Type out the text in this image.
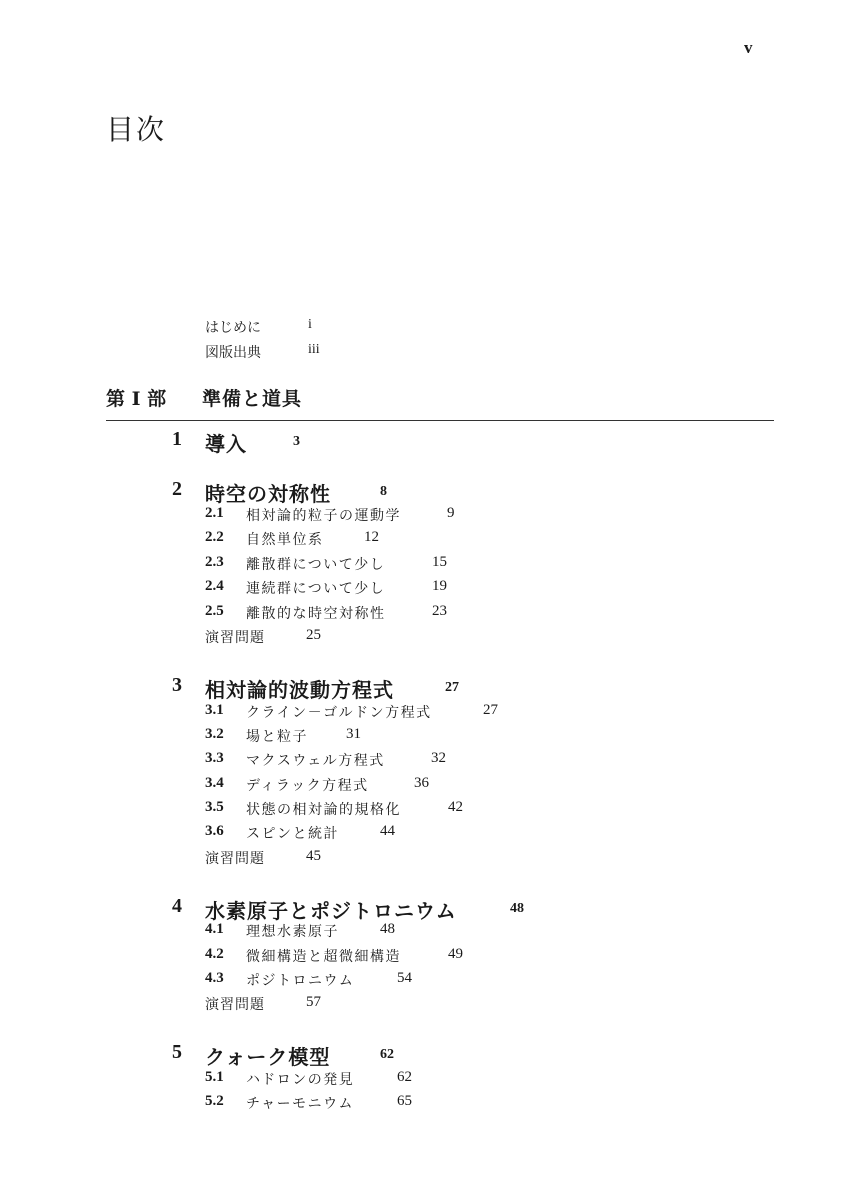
v
目次
はじめに	i
図版出典	iii
第 I 部 準備と道具
1 導入	3
2 時空の対称性	8
2.1 相対論的粒子の運動学	9
2.2 自然単位系	12
2.3 離散群について少し	15
2.4 連続群について少し	19
2.5 離散的な時空対称性	23
演習問題	25
3 相対論的波動方程式	27
3.1 クライン－ゴルドン方程式	27
3.2 場と粒子	31
3.3 マクスウェル方程式	32
3.4 ディラック方程式	36
3.5 状態の相対論的規格化	42
3.6 スピンと統計	44
演習問題	45
4 水素原子とポジトロニウム	48
4.1 理想水素原子	48
4.2 微細構造と超微細構造	49
4.3 ポジトロニウム	54
演習問題	57
5 クォーク模型	62
5.1 ハドロンの発見	62
5.2 チャーモニウム	65
